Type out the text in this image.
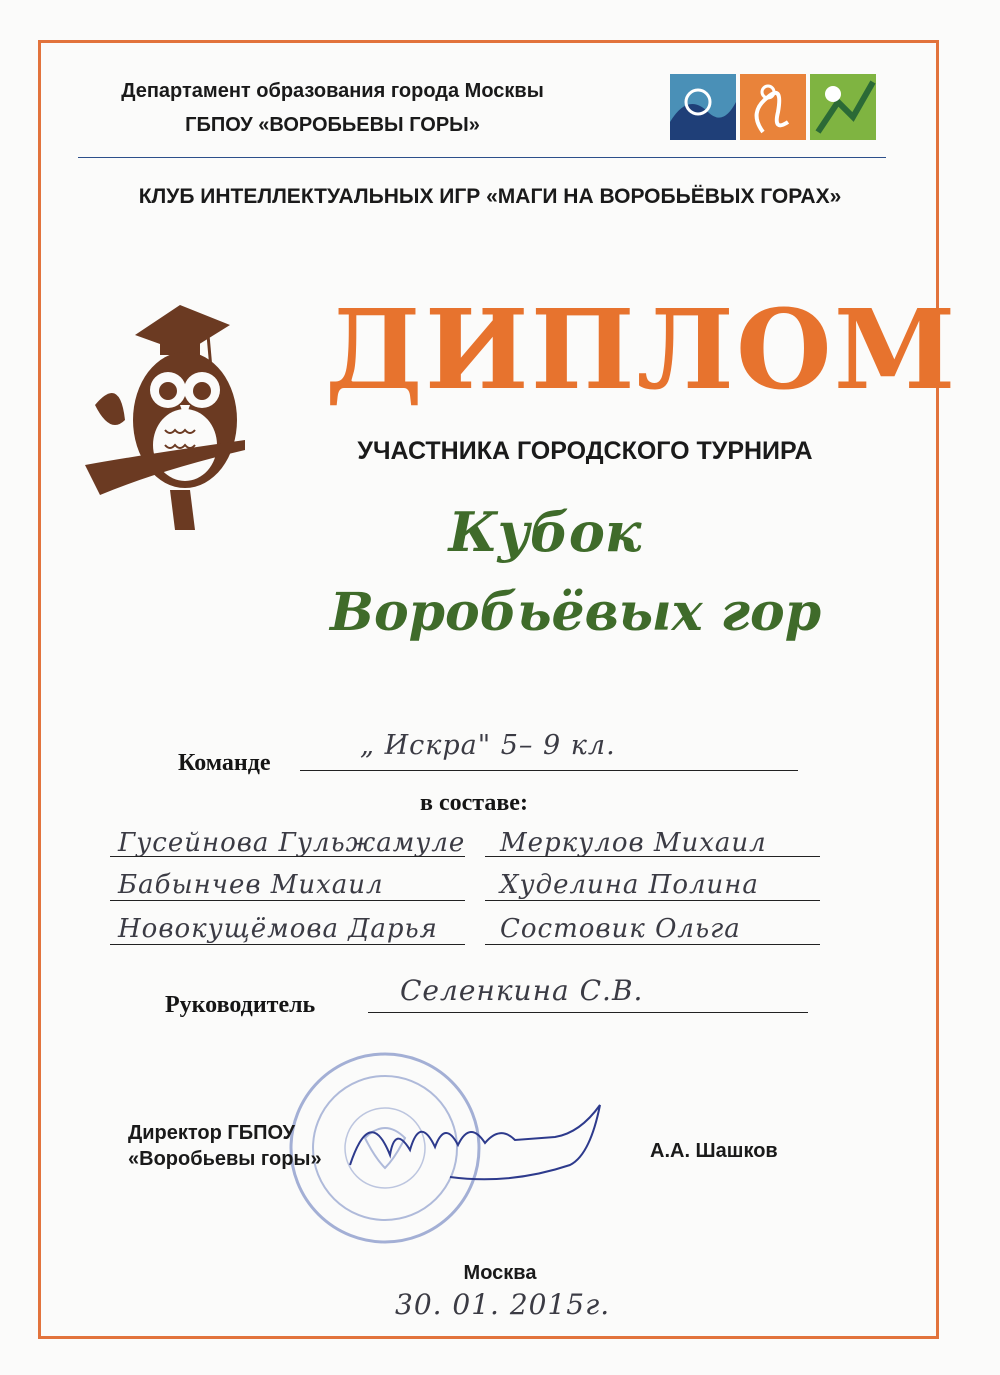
Департамент образования города Москвы
ГБПОУ «ВОРОБЬЕВЫ ГОРЫ»
КЛУБ ИНТЕЛЛЕКТУАЛЬНЫХ ИГР «МАГИ НА ВОРОБЬЁВЫХ ГОРАХ»
ДИПЛОМ
УЧАСТНИКА ГОРОДСКОГО ТУРНИРА
Кубок
Воробьёвых гор
Команде
„ Искра" 5– 9 кл.
в составе:
Гусейнова Гульжамуле
Бабынчев Михаил
Новокущёмова Дарья
Меркулов Михаил
Худелина Полина
Состовик Ольга
Руководитель	Селенкина С.В.
Директор ГБПОУ
«Воробьевы горы»	А.А. Шашков
Москва
30. 01. 2015г.
